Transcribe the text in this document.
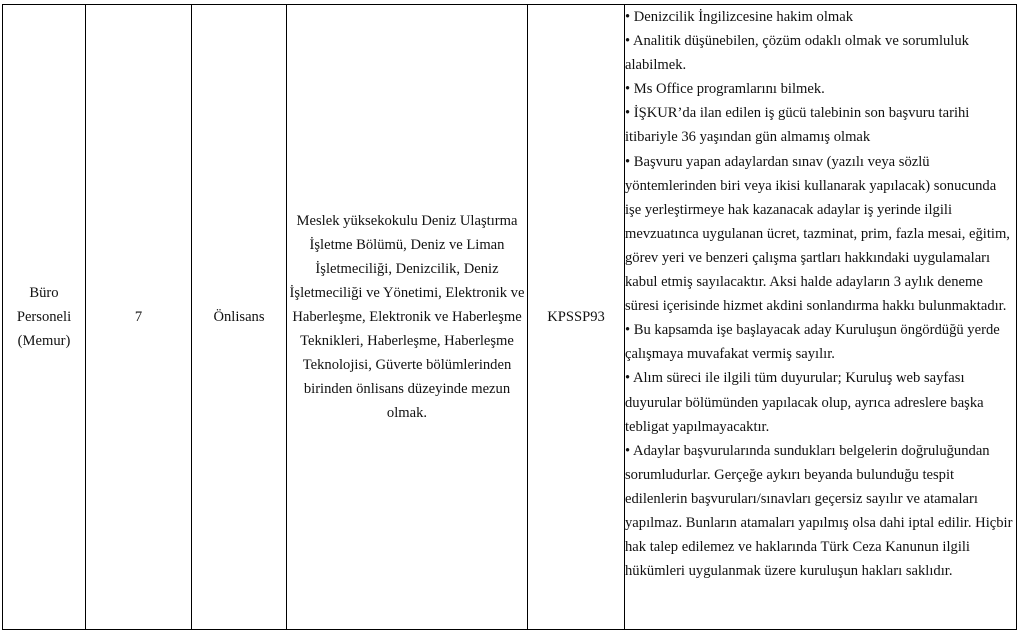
Büro Personeli (Memur)	7	Önlisans	Meslek yüksekokulu Deniz Ulaştırma İşletme Bölümü, Deniz ve Liman İşletmeciliği, Denizcilik, Deniz İşletmeciliği ve Yönetimi, Elektronik ve Haberleşme, Elektronik ve Haberleşme Teknikleri, Haberleşme, Haberleşme Teknolojisi, Güverte bölümlerinden birinden önlisans düzeyinde mezun olmak.	KPSSP93	
• Denizcilik İngilizcesine hakim olmak
• Analitik düşünebilen, çözüm odaklı olmak ve sorumluluk alabilmek.
• Ms Office programlarını bilmek.
• İŞKUR’da ilan edilen iş gücü talebinin son başvuru tarihi itibariyle 36 yaşından gün almamış olmak
• Başvuru yapan adaylardan sınav (yazılı veya sözlü yöntemlerinden biri veya ikisi kullanarak yapılacak) sonucunda işe yerleştirmeye hak kazanacak adaylar iş yerinde ilgili mevzuatınca uygulanan ücret, tazminat, prim, fazla mesai, eğitim, görev yeri ve benzeri çalışma şartları hakkındaki uygulamaları kabul etmiş sayılacaktır. Aksi halde adayların 3 aylık deneme süresi içerisinde hizmet akdini sonlandırma hakkı bulunmaktadır.
• Bu kapsamda işe başlayacak aday Kuruluşun öngördüğü yerde çalışmaya muvafakat vermiş sayılır.
• Alım süreci ile ilgili tüm duyurular; Kuruluş web sayfası duyurular bölümünden yapılacak olup, ayrıca adreslere başka tebligat yapılmayacaktır.
• Adaylar başvurularında sundukları belgelerin doğruluğundan sorumludurlar. Gerçeğe aykırı beyanda bulunduğu tespit edilenlerin başvuruları/sınavları geçersiz sayılır ve atamaları yapılmaz. Bunların atamaları yapılmış olsa dahi iptal edilir. Hiçbir hak talep edilemez ve haklarında Türk Ceza Kanunun ilgili hükümleri uygulanmak üzere kuruluşun hakları saklıdır.
